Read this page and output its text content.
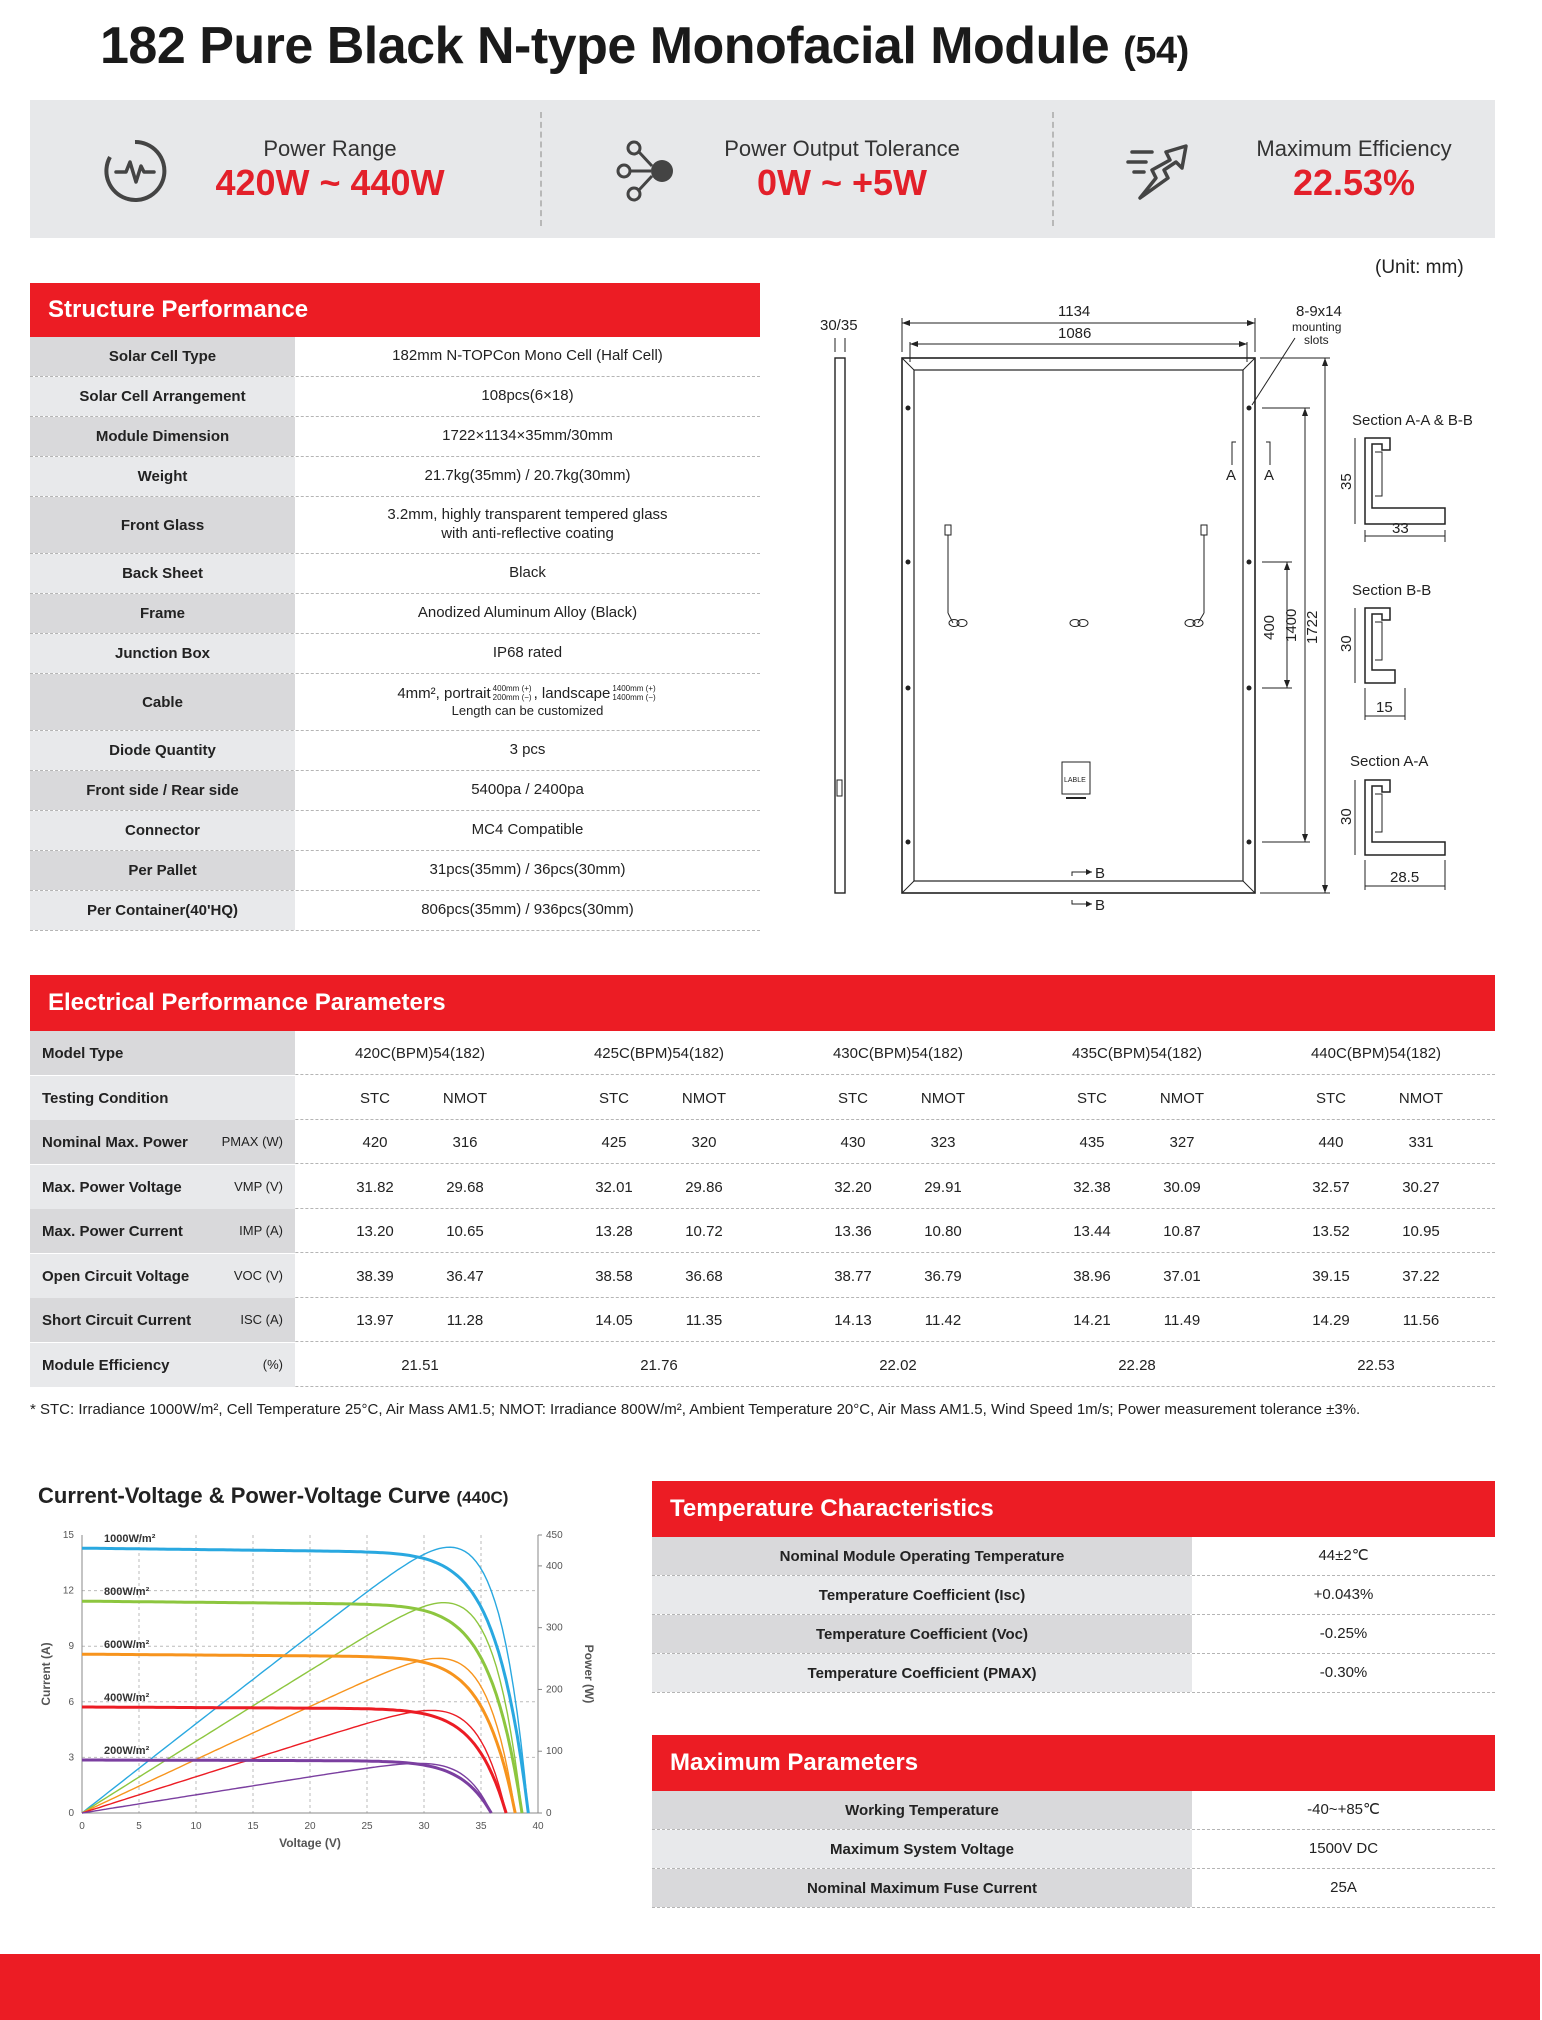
182 Pure Black N-type Monofacial Module (54)
Power Range
420W ~ 440W
Power Output Tolerance
0W ~ +5W
Maximum Efficiency
22.53%
(Unit: mm)
Structure Performance
30/35
1134
1086
8-9x14
mounting
slots
A A
LABLE
B
B
400 1400 1722
Section A-A & B-B
35
33
Section B-B
30
15
Section A-A
30
28.5
Electrical Performance Parameters
* STC: Irradiance 1000W/m², Cell Temperature 25°C, Air Mass AM1.5; NMOT: Irradiance 800W/m², Ambient Temperature 20°C, Air Mass AM1.5, Wind Speed 1m/s; Power measurement tolerance ±3%.
Current-Voltage & Power-Voltage Curve (440C)
0	5	10	15	20	25	30	35	40
0
3
6
9
12
15
0
100
200
300
400
450
Voltage (V)
Current (A)	Power (W)
1000W/m²
800W/m²
600W/m²
400W/m²
200W/m²
Temperature Characteristics
Maximum Parameters
Solar Cell Type	182mm N-TOPCon Mono Cell (Half Cell)
Solar Cell Arrangement	108pcs(6×18)
Module Dimension	1722×1134×35mm/30mm
Weight	21.7kg(35mm) / 20.7kg(30mm)
Front Glass
3.2mm, highly transparent tempered glass
with anti-reflective coating
Back Sheet	Black
Frame	Anodized Aluminum Alloy (Black)
Junction Box	IP68 rated
Cable
4mm², portrait 400mm (+)
200mm (−) , landscape 1400mm (+)
1400mm (−)
Length can be customized
Diode Quantity	3 pcs
Front side / Rear side	5400pa / 2400pa
Connector	MC4 Compatible
Per Pallet	31pcs(35mm) / 36pcs(30mm)
Per Container(40'HQ)	806pcs(35mm) / 936pcs(30mm)
Model Type	420C(BPM)54(182)	425C(BPM)54(182)	430C(BPM)54(182)	435C(BPM)54(182)	440C(BPM)54(182)
Testing Condition	STC	NMOT	STC	NMOT	STC	NMOT	STC	NMOT	STC	NMOT
Nominal Max. Power	PMAX (W)	420	316	425	320	430	323	435	327	440	331
Max. Power Voltage	VMP (V)	31.82	29.68	32.01	29.86	32.20	29.91	32.38	30.09	32.57	30.27
Max. Power Current	IMP (A)	13.20	10.65	13.28	10.72	13.36	10.80	13.44	10.87	13.52	10.95
Open Circuit Voltage	VOC (V)	38.39	36.47	38.58	36.68	38.77	36.79	38.96	37.01	39.15	37.22
Short Circuit Current	ISC (A)	13.97	11.28	14.05	11.35	14.13	11.42	14.21	11.49	14.29	11.56
Module Efficiency	(%)	21.51	21.76	22.02	22.28	22.53
Nominal Module Operating Temperature	44±2℃
Temperature Coefficient (Isc)	+0.043%
Temperature Coefficient (Voc)	-0.25%
Temperature Coefficient (PMAX)	-0.30%
Working Temperature	-40~+85℃
Maximum System Voltage	1500V DC
Nominal Maximum Fuse Current	25A
